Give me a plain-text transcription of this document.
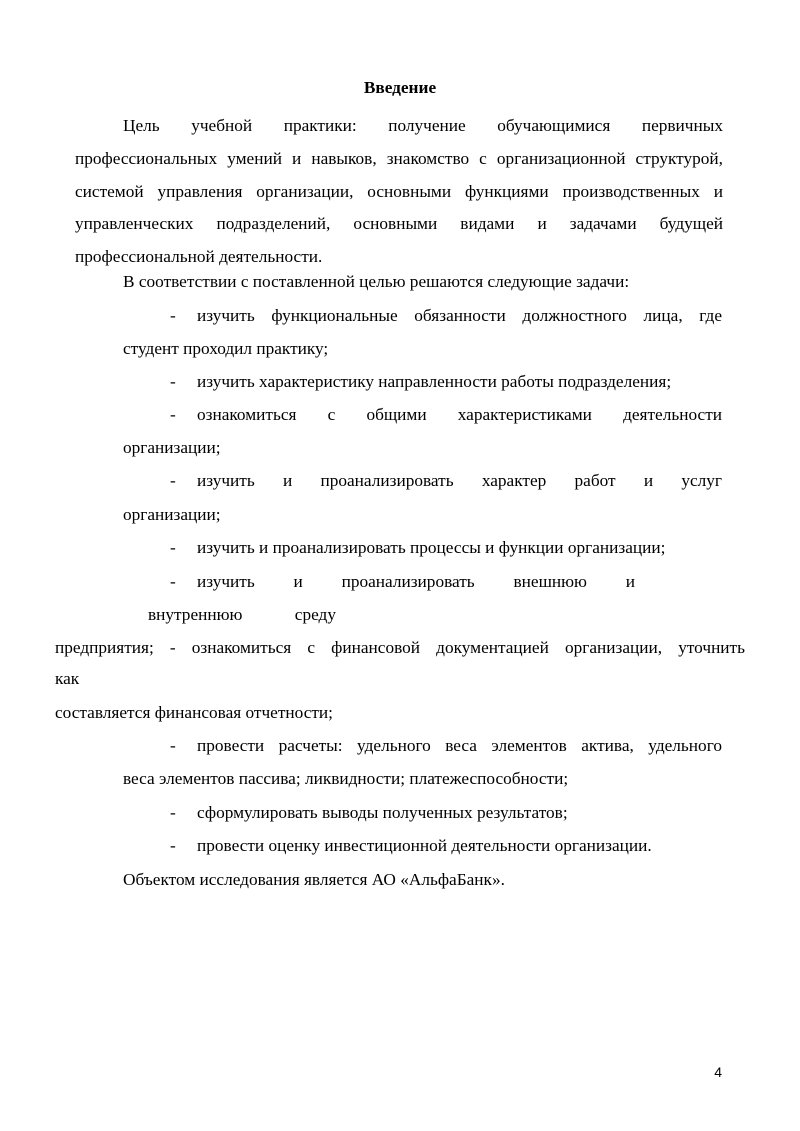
Введение

Цель учебной практики: получение обучающимися первичных профессиональных умений и навыков, знакомство с организационной структурой, системой управления организации, основными функциями производственных и управленческих подразделений, основными видами и задачами будущей профессиональной деятельности.

В соответствии с поставленной целью решаются следующие задачи:
- изучить функциональные обязанности должностного лица, где
студент проходил практику;
- изучить характеристику направленности работы подразделения;
- ознакомиться с общими характеристиками деятельности
организации;
- изучить и проанализировать характер работ и услуг
организации;
- изучить и проанализировать процессы и функции организации;
- изучить и проанализировать внешнюю и
внутреннюю среду
предприятия; - ознакомиться с финансовой документацией организации, уточнить
как
составляется финансовая отчетности;
- провести расчеты: удельного веса элементов актива, удельного
веса элементов пассива; ликвидности; платежеспособности;
- сформулировать выводы полученных результатов;
- провести оценку инвестиционной деятельности организации.
Объектом исследования является АО «АльфаБанк».
4
